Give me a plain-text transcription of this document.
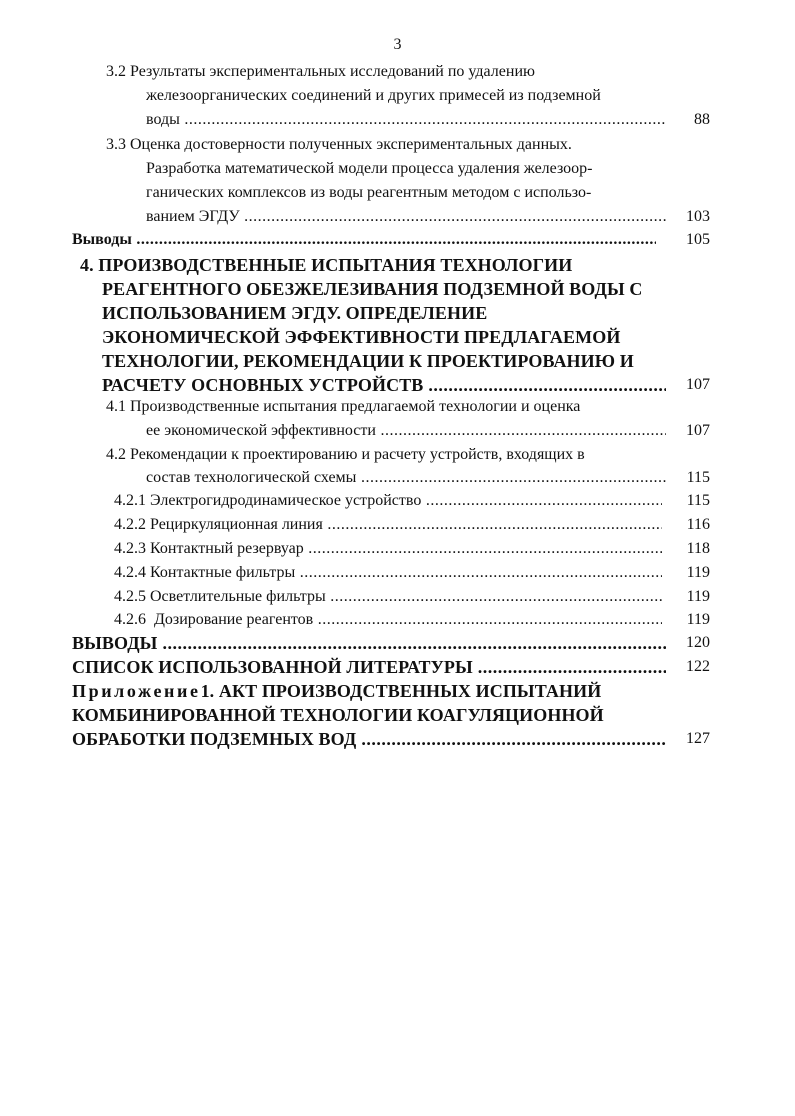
3
3.2 Результаты экспериментальных исследований по удалению
железоорганических соединений и других примесей из подземной
воды .....	88
3.3 Оценка достоверности полученных экспериментальных данных.
Разработка математической модели процесса удаления железоор-
ганических комплексов из воды реагентным методом с использо-
ванием ЭГДУ .....	103
Выводы .....	105
4. ПРОИЗВОДСТВЕННЫЕ ИСПЫТАНИЯ ТЕХНОЛОГИИ
РЕАГЕНТНОГО ОБЕЗЖЕЛЕЗИВАНИЯ ПОДЗЕМНОЙ ВОДЫ С
ИСПОЛЬЗОВАНИЕМ ЭГДУ. ОПРЕДЕЛЕНИЕ
ЭКОНОМИЧЕСКОЙ ЭФФЕКТИВНОСТИ ПРЕДЛАГАЕМОЙ
ТЕХНОЛОГИИ, РЕКОМЕНДАЦИИ К ПРОЕКТИРОВАНИЮ И
РАСЧЕТУ ОСНОВНЫХ УСТРОЙСТВ .....	107
4.1 Производственные испытания предлагаемой технологии и оценка
ее экономической эффективности .....	107
4.2 Рекомендации к проектированию и расчету устройств, входящих в
состав технологической схемы .....	115
4.2.1 Электрогидродинамическое устройство .....	115
4.2.2 Рециркуляционная линия .....	116
4.2.3 Контактный резервуар .....	118
4.2.4 Контактные фильтры .....	119
4.2.5 Осветлительные фильтры .....	119
4.2.6  Дозирование реагентов .....	119
ВЫВОДЫ .....	120
СПИСОК ИСПОЛЬЗОВАННОЙ ЛИТЕРАТУРЫ .....	122
Приложение1. АКТ ПРОИЗВОДСТВЕННЫХ ИСПЫТАНИЙ
КОМБИНИРОВАННОЙ ТЕХНОЛОГИИ КОАГУЛЯЦИОННОЙ
ОБРАБОТКИ ПОДЗЕМНЫХ ВОД .....	127
